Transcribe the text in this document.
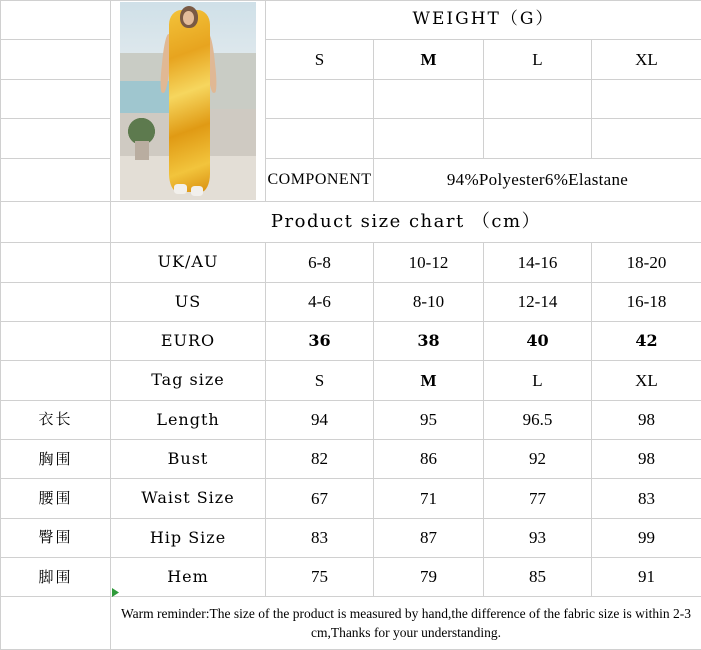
		WEIGHT（G）			

		S	M	L	XL

		COMPONENT	94%Polyester6%Elastane		

	Product size chart （cm）				

	UK/AU	6-8	10-12	14-16	18-20

	US	4-6	8-10	12-14	16-18

	EURO	36	38	40	42

	Tag size	S	M	L	XL

衣长	Length	94	95	96.5	98

胸围	Bust	82	86	92	98

腰围	Waist Size	67	71	77	83

臀围	Hip Size	83	87	93	99

脚围	Hem	75	79	85	91

	Warm reminder:The size of the product is measured by hand,the difference of the fabric size is within 2-3 cm,Thanks for your understanding.				
